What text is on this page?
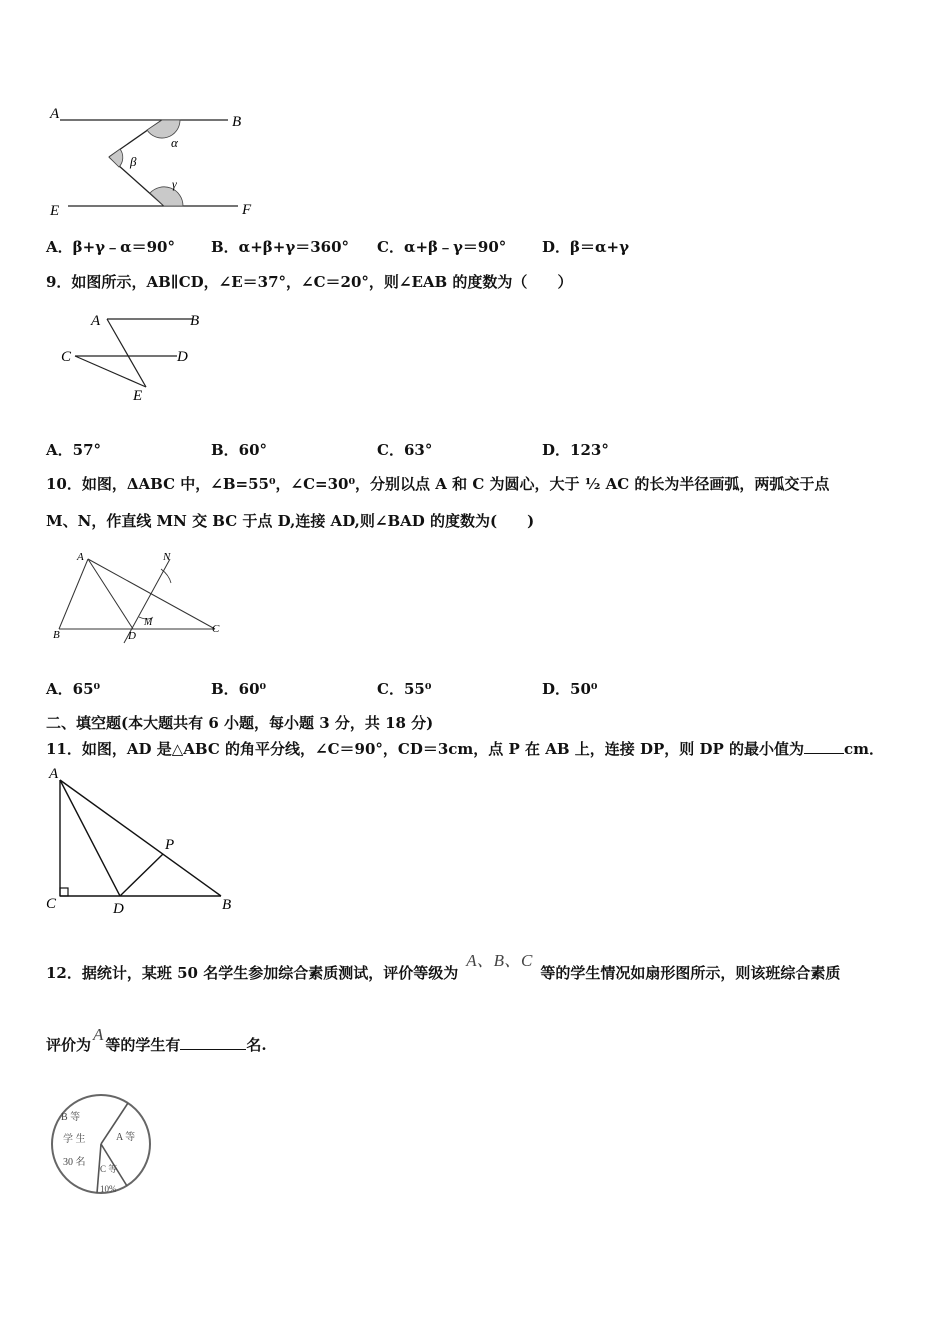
A	B
E	F
α
β
γ
A．β+γ﹣α＝90° B．α+β+γ＝360° C．α+β﹣γ＝90° D．β＝α+γ
9．如图所示，AB∥CD，∠E＝37°，∠C＝20°，则∠EAB 的度数为（　　）
A	B
C	D
E
A．57°	B．60°	C．63°	D．123°
10．如图，ΔABC 中，∠B=55⁰，∠C=30⁰，分别以点 A 和 C 为圆心，大于 ½ AC 的长为半径画弧，两弧交于点
M、N，作直线 MN 交 BC 于点 D,连接 AD,则∠BAD 的度数为(　　)
A
B	C
D
M
N
A．65⁰	B．60⁰	C．55⁰	D．50⁰
二、填空题(本大题共有 6 小题，每小题 3 分，共 18 分)
11．如图，AD 是△ABC 的角平分线，∠C＝90°，CD＝3cm，点 P 在 AB 上，连接 DP，则 DP 的最小值为	cm．
A
C	D	B
P
12．据统计，某班 50 名学生参加综合素质测试，评价等级为A、B、C等的学生情况如扇形图所示，则该班综合素质
评价为A等的学生有	名.
B 等
学 生
30 名
A 等
C 等
10%
